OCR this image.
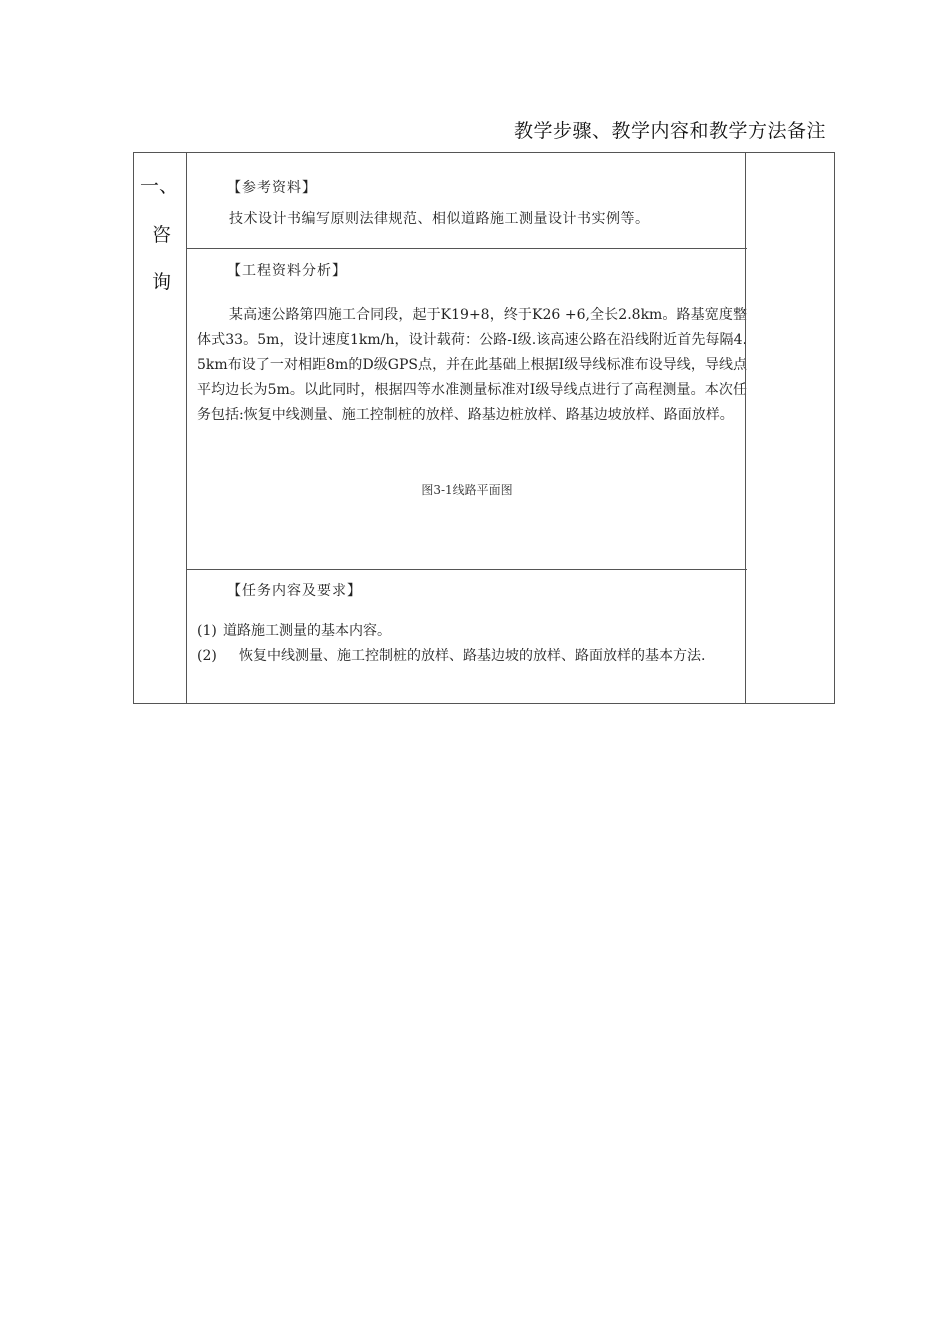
教学步骤、教学内容和教学方法备注
一、
咨
询
【参考资料】
技术设计书编写原则法律规范、相似道路施工测量设计书实例等。
【工程资料分析】
某高速公路第四施工合同段，起于K19+8，终于K26 +6,全长2.8km。路基宽度整体式33。5m，设计速度1km/h，设计载荷：公路-I级.该高速公路在沿线附近首先每隔4.5km布设了一对相距8m的D级GPS点，并在此基础上根据I级导线标准布设导线，导线点平均边长为5m。以此同时，根据四等水准测量标准对I级导线点进行了高程测量。本次任务包括:恢复中线测量、施工控制桩的放样、路基边桩放样、路基边坡放样、路面放样。
图3-1线路平面图
【任务内容及要求】
(1) 道路施工测量的基本内容。
(2) 恢复中线测量、施工控制桩的放样、路基边坡的放样、路面放样的基本方法.
